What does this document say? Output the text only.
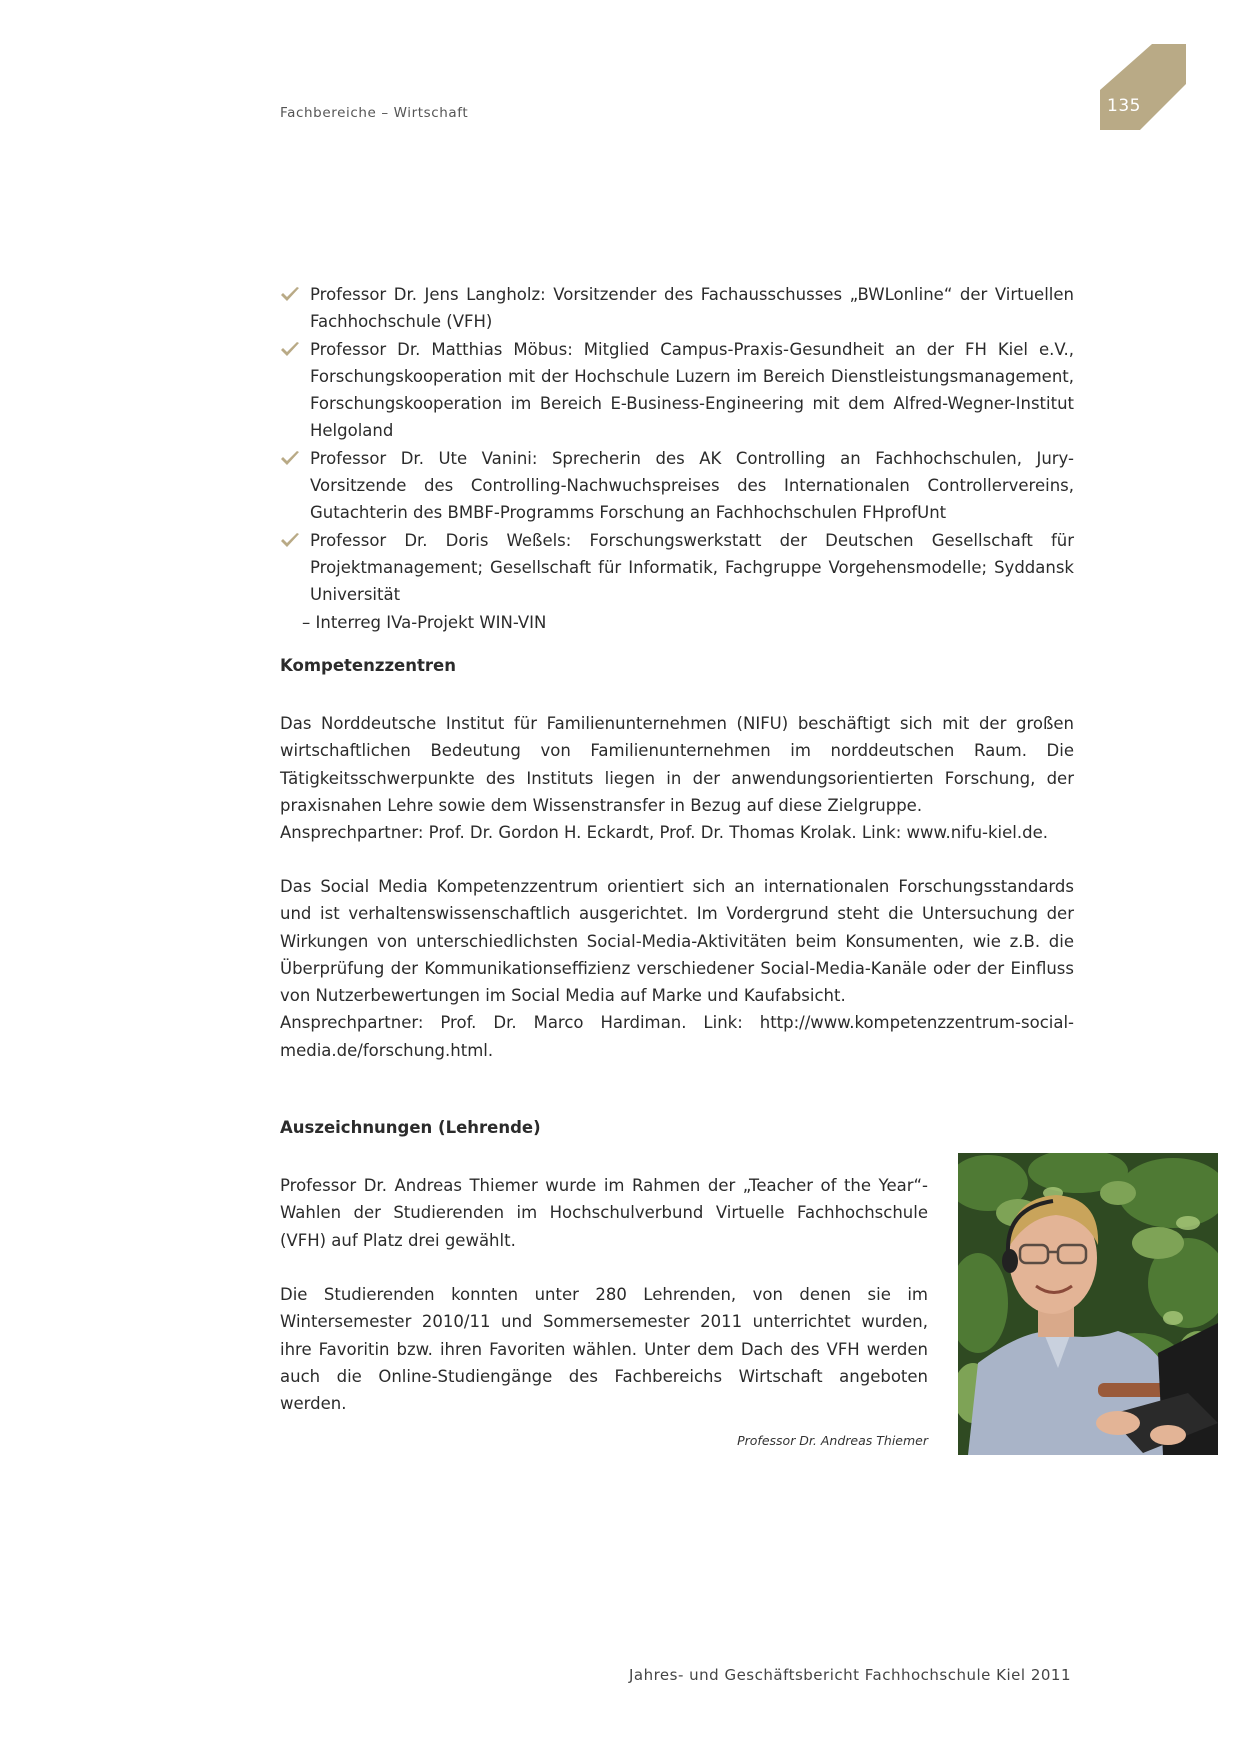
Fachbereiche – Wirtschaft	135
Professor Dr. Jens Langholz: Vorsitzender des Fachausschusses „BWLonline“ der Virtuellen Fachhochschule (VFH)
Professor Dr. Matthias Möbus: Mitglied Campus-Praxis-Gesundheit an der FH Kiel e.V., Forschungskooperation mit der Hochschule Luzern im Bereich Dienstleistungsmanagement, Forschungskooperation im Bereich E-Business-Engineering mit dem Alfred-Wegner-Institut Helgoland
Professor Dr. Ute Vanini: Sprecherin des AK Controlling an Fachhochschulen, Jury-Vorsitzende des Controlling-Nachwuchspreises des Internationalen Controllervereins, Gutachterin des BMBF-Programms Forschung an Fachhochschulen FHprofUnt
Professor Dr. Doris Weßels: Forschungswerkstatt der Deutschen Gesellschaft für Projektmanagement; Gesellschaft für Informatik, Fachgruppe Vorgehensmodelle; Syddansk Universität
– Interreg IVa-Projekt WIN-VIN
Kompetenzzentren

Das Norddeutsche Institut für Familienunternehmen (NIFU) beschäftigt sich mit der großen wirtschaftlichen Bedeutung von Familienunternehmen im norddeutschen Raum. Die Tätigkeitsschwerpunkte des Instituts liegen in der anwendungsorientierten Forschung, der praxisnahen Lehre sowie dem Wissenstransfer in Bezug auf diese Zielgruppe.

Ansprechpartner: Prof. Dr. Gordon H. Eckardt, Prof. Dr. Thomas Krolak. Link: www.nifu-kiel.de.

Das Social Media Kompetenzzentrum orientiert sich an internationalen Forschungsstandards und ist verhaltenswissenschaftlich ausgerichtet. Im Vordergrund steht die Untersuchung der Wirkungen von unterschiedlichsten Social-Media-Aktivitäten beim Konsumenten, wie z.B. die Überprüfung der Kommunikationseffizienz verschiedener Social-Media-Kanäle oder der Einfluss von Nutzerbewertungen im Social Media auf Marke und Kaufabsicht.

Ansprechpartner: Prof. Dr. Marco Hardiman. Link: http://www.kompetenzzentrum-social-media.de/forschung.html.

Auszeichnungen (Lehrende)
Professor Dr. Andreas Thiemer wurde im Rahmen der „Teacher of the Year“-Wahlen der Studierenden im Hochschulverbund Virtuelle Fachhochschule (VFH) auf Platz drei gewählt.
Die Studierenden konnten unter 280 Lehrenden, von denen sie im Wintersemester 2010/11 und Sommersemester 2011 unterrichtet wurden, ihre Favoritin bzw. ihren Favoriten wählen. Unter dem Dach des VFH werden auch die Online-Studiengänge des Fachbereichs Wirtschaft angeboten werden.
Professor Dr. Andreas Thiemer
Jahres- und Geschäftsbericht Fachhochschule Kiel 2011
